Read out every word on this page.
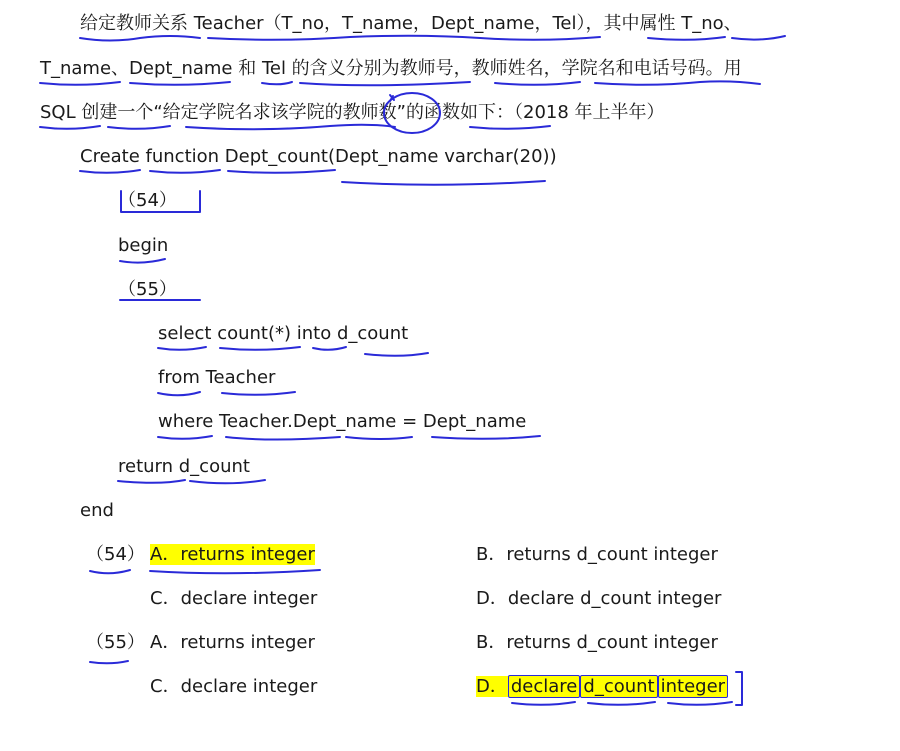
给定教师关系 Teacher（T_no，T_name，Dept_name，Tel），其中属性 T_no、
T_name、Dept_name 和 Tel 的含义分别为教师号，教师姓名，学院名和电话号码。用
SQL 创建一个“给定学院名求该学院的教师数”的函数如下：（2018 年上半年）
Create function Dept_count(Dept_name varchar(20))
（54）
begin
（55）
select count(*) into d_count
from Teacher
where Teacher.Dept_name = Dept_name
return d_count
end
（54） A．returns integer	B．returns d_count integer
C．declare integer	D．declare d_count integer
（55） A．returns integer	B．returns d_count integer
C．declare integer	D． declare d_count integer
